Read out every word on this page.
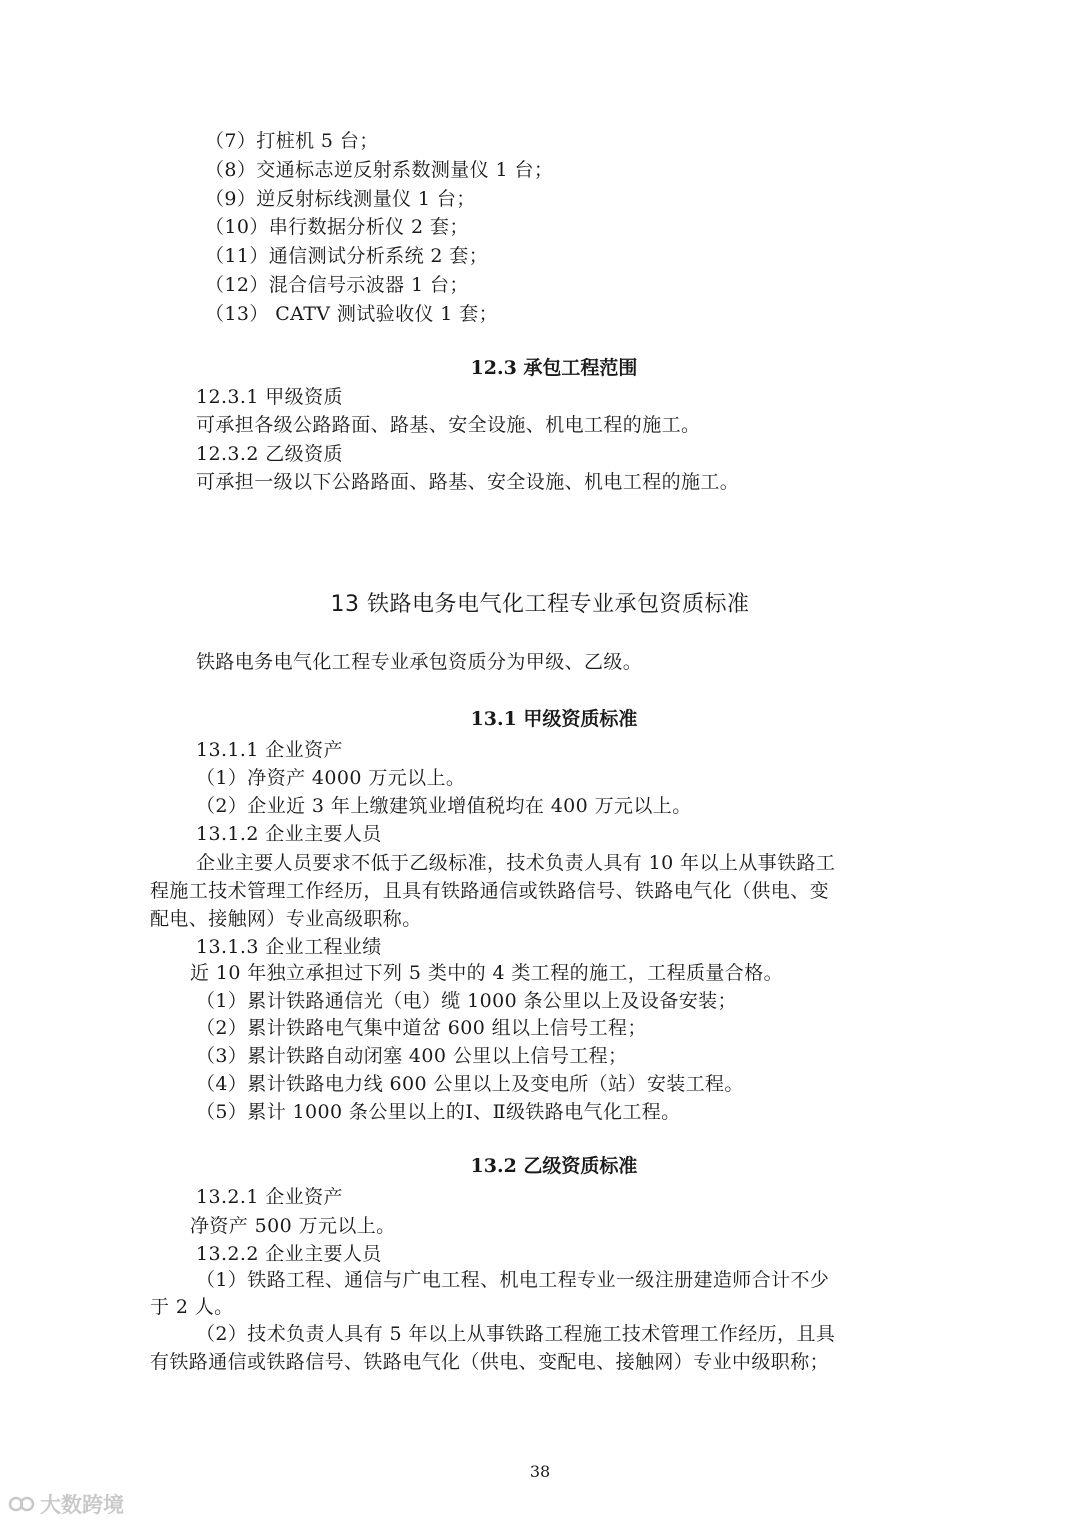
（7）打桩机 5 台；
（8）交通标志逆反射系数测量仪 1 台；
（9）逆反射标线测量仪 1 台；
（10）串行数据分析仪 2 套；
（11）通信测试分析系统 2 套；
（12）混合信号示波器 1 台；
（13） CATV 测试验收仪 1 套；
12.3 承包工程范围
12.3.1 甲级资质
可承担各级公路路面、路基、安全设施、机电工程的施工。
12.3.2 乙级资质
可承担一级以下公路路面、路基、安全设施、机电工程的施工。
13 铁路电务电气化工程专业承包资质标准
铁路电务电气化工程专业承包资质分为甲级、乙级。
13.1 甲级资质标准
13.1.1 企业资产
（1）净资产 4000 万元以上。
（2）企业近 3 年上缴建筑业增值税均在 400 万元以上。
13.1.2 企业主要人员
企业主要人员要求不低于乙级标准，技术负责人具有 10 年以上从事铁路工
程施工技术管理工作经历，且具有铁路通信或铁路信号、铁路电气化（供电、变
配电、接触网）专业高级职称。
13.1.3 企业工程业绩
近 10 年独立承担过下列 5 类中的 4 类工程的施工，工程质量合格。
（1）累计铁路通信光（电）缆 1000 条公里以上及设备安装；
（2）累计铁路电气集中道岔 600 组以上信号工程；
（3）累计铁路自动闭塞 400 公里以上信号工程；
（4）累计铁路电力线 600 公里以上及变电所（站）安装工程。
（5）累计 1000 条公里以上的Ⅰ、Ⅱ级铁路电气化工程。
13.2 乙级资质标准
13.2.1 企业资产
净资产 500 万元以上。
13.2.2 企业主要人员
（1）铁路工程、通信与广电工程、机电工程专业一级注册建造师合计不少
于 2 人。
（2）技术负责人具有 5 年以上从事铁路工程施工技术管理工作经历，且具
有铁路通信或铁路信号、铁路电气化（供电、变配电、接触网）专业中级职称；
38
大数跨境
